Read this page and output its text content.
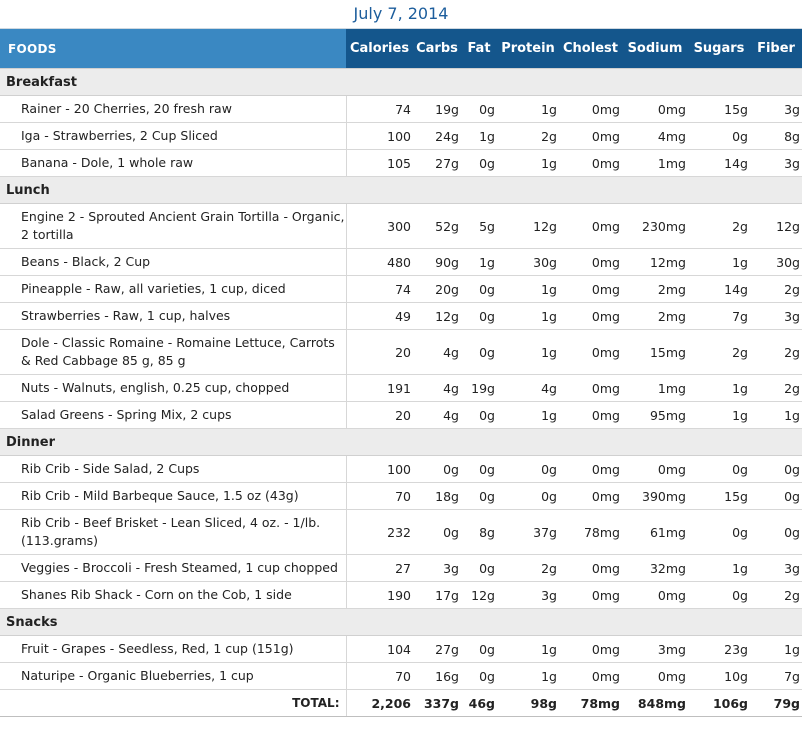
July 7, 2014
FOODS	Calories	Carbs	Fat	Protein	Cholest	Sodium	Sugars	Fiber
Breakfast								
Rainer - 20 Cherries, 20 fresh raw	74	19g	0g	1g	0mg	0mg	15g	3g
Iga - Strawberries, 2 Cup Sliced	100	24g	1g	2g	0mg	4mg	0g	8g
Banana - Dole, 1 whole raw	105	27g	0g	1g	0mg	1mg	14g	3g
Lunch								
Engine 2 - Sprouted Ancient Grain Tortilla - Organic, 2 tortilla	300	52g	5g	12g	0mg	230mg	2g	12g
Beans - Black, 2 Cup	480	90g	1g	30g	0mg	12mg	1g	30g
Pineapple - Raw, all varieties, 1 cup, diced	74	20g	0g	1g	0mg	2mg	14g	2g
Strawberries - Raw, 1 cup, halves	49	12g	0g	1g	0mg	2mg	7g	3g
Dole - Classic Romaine - Romaine Lettuce, Carrots & Red Cabbage 85 g, 85 g	20	4g	0g	1g	0mg	15mg	2g	2g
Nuts - Walnuts, english, 0.25 cup, chopped	191	4g	19g	4g	0mg	1mg	1g	2g
Salad Greens - Spring Mix, 2 cups	20	4g	0g	1g	0mg	95mg	1g	1g
Dinner								
Rib Crib - Side Salad, 2 Cups	100	0g	0g	0g	0mg	0mg	0g	0g
Rib Crib - Mild Barbeque Sauce, 1.5 oz (43g)	70	18g	0g	0g	0mg	390mg	15g	0g
Rib Crib - Beef Brisket - Lean Sliced, 4 oz. - 1/lb. (113.grams)	232	0g	8g	37g	78mg	61mg	0g	0g
Veggies - Broccoli - Fresh Steamed, 1 cup chopped	27	3g	0g	2g	0mg	32mg	1g	3g
Shanes Rib Shack - Corn on the Cob, 1 side	190	17g	12g	3g	0mg	0mg	0g	2g
Snacks								
Fruit - Grapes - Seedless, Red, 1 cup (151g)	104	27g	0g	1g	0mg	3mg	23g	1g
Naturipe - Organic Blueberries, 1 cup	70	16g	0g	1g	0mg	0mg	10g	7g
TOTAL:	2,206	337g	46g	98g	78mg	848mg	106g	79g
